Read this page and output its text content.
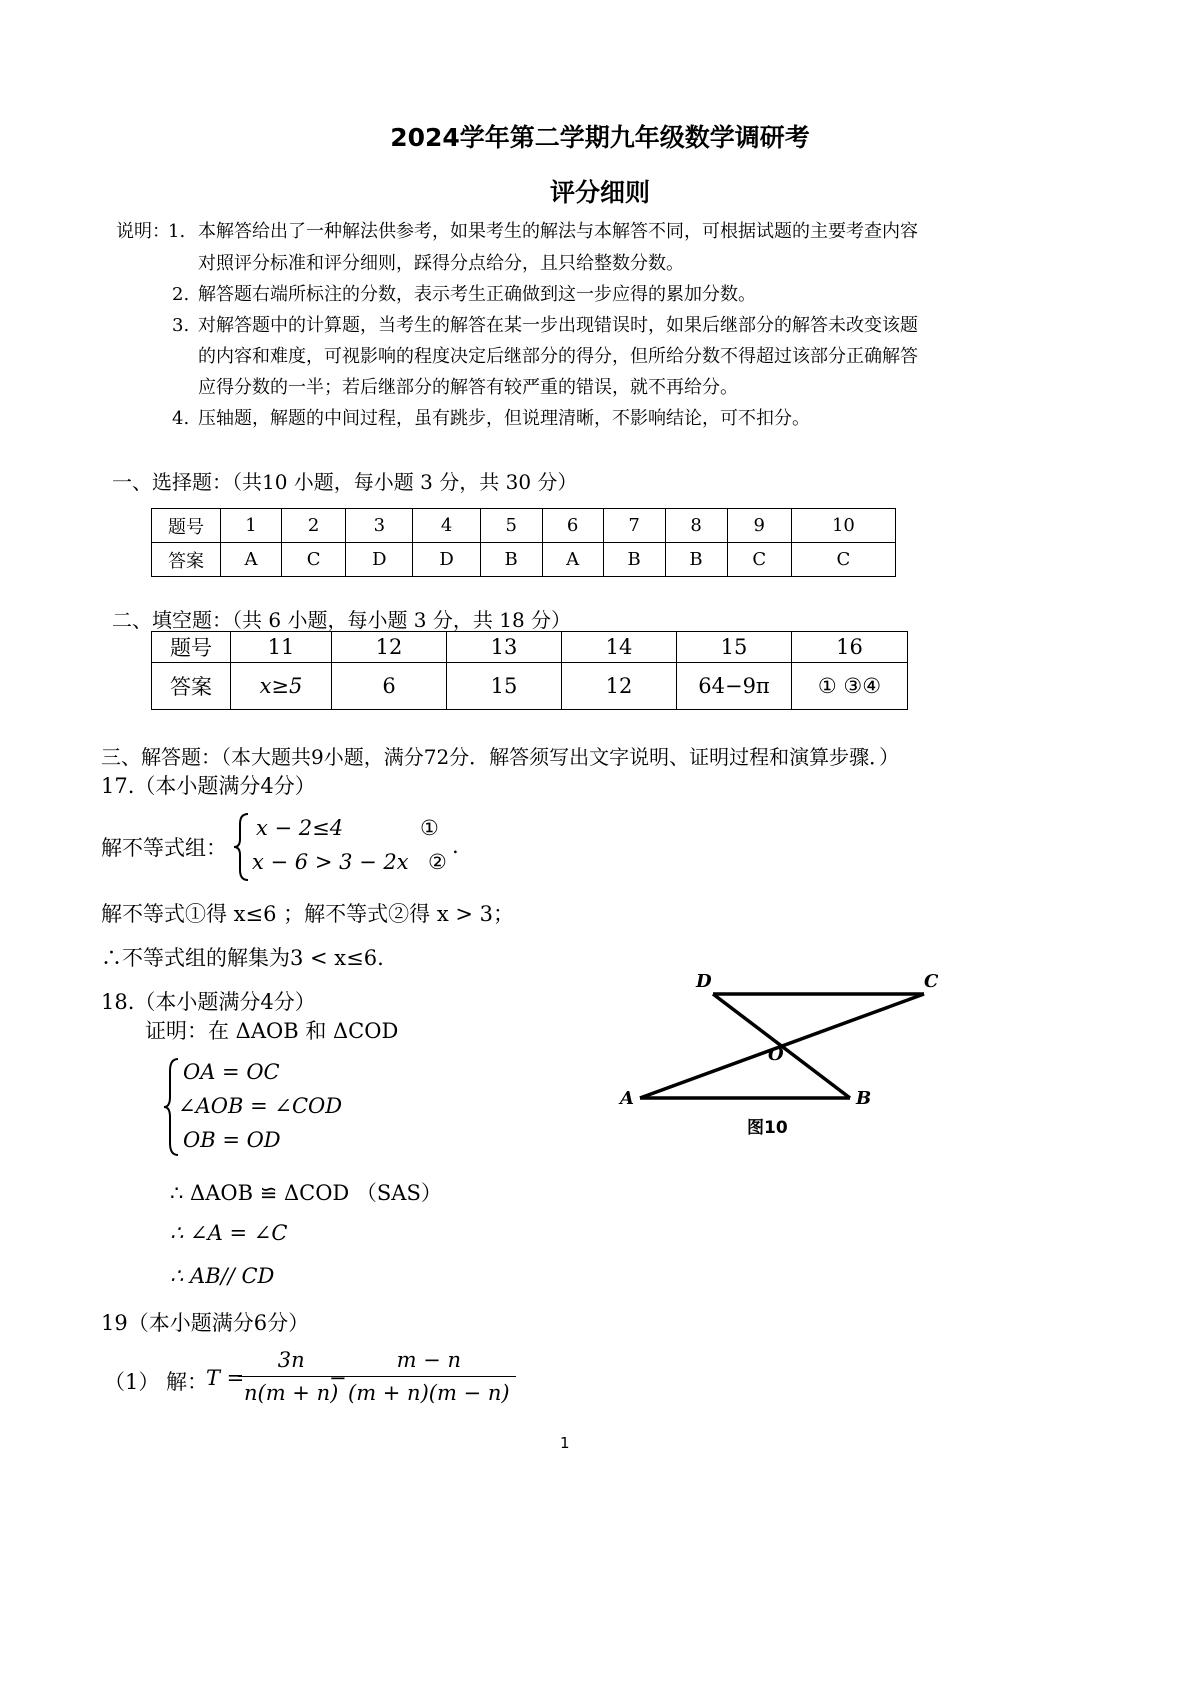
2024学年第二学期九年级数学调研考
评分细则
说明：
1. 本解答给出了一种解法供参考，如果考生的解法与本解答不同，可根据试题的主要考查内容
对照评分标准和评分细则，踩得分点给分，且只给整数分数。
2. 解答题右端所标注的分数，表示考生正确做到这一步应得的累加分数。
3. 对解答题中的计算题，当考生的解答在某一步出现错误时，如果后继部分的解答未改变该题
的内容和难度，可视影响的程度决定后继部分的得分，但所给分数不得超过该部分正确解答
应得分数的一半；若后继部分的解答有较严重的错误，就不再给分。
4. 压轴题，解题的中间过程，虽有跳步，但说理清晰，不影响结论，可不扣分。
一、选择题：（共10 小题，每小题 3 分，共 30 分）
题号	1	2	3	4	5	6	7	8	9	10
答案	A	C	D	D	B	A	B	B	C	C
二、填空题：（共 6 小题，每小题 3 分，共 18 分）
题号	11	12	13	14	15	16
答案	x≥5	6	15	12	64−9π	① ③④
三、解答题：（本大题共9小题，满分72分．解答须写出文字说明、证明过程和演算步骤．）
17.（本小题满分4分）
解不等式组：
x − 2≤4	①
x − 6 > 3 − 2x ②
.
解不等式①得 x≤6 ；解不等式②得 x > 3；
∴不等式组的解集为3 < x≤6.
18.（本小题满分4分）
证明：在 ΔAOB 和 ΔCOD
OA = OC
∠AOB = ∠COD
OB = OD
∴ ΔAOB ≌ ΔCOD （SAS）
∴ ∠A = ∠C
∴ AB// CD
D	C
O
A	B
图10
19（本小题满分6分）
（1） 解：
T =
$\frac{3n}{n(m + n)}$
−
$\frac{m - n}{(m + n)(m - n)}$
1
